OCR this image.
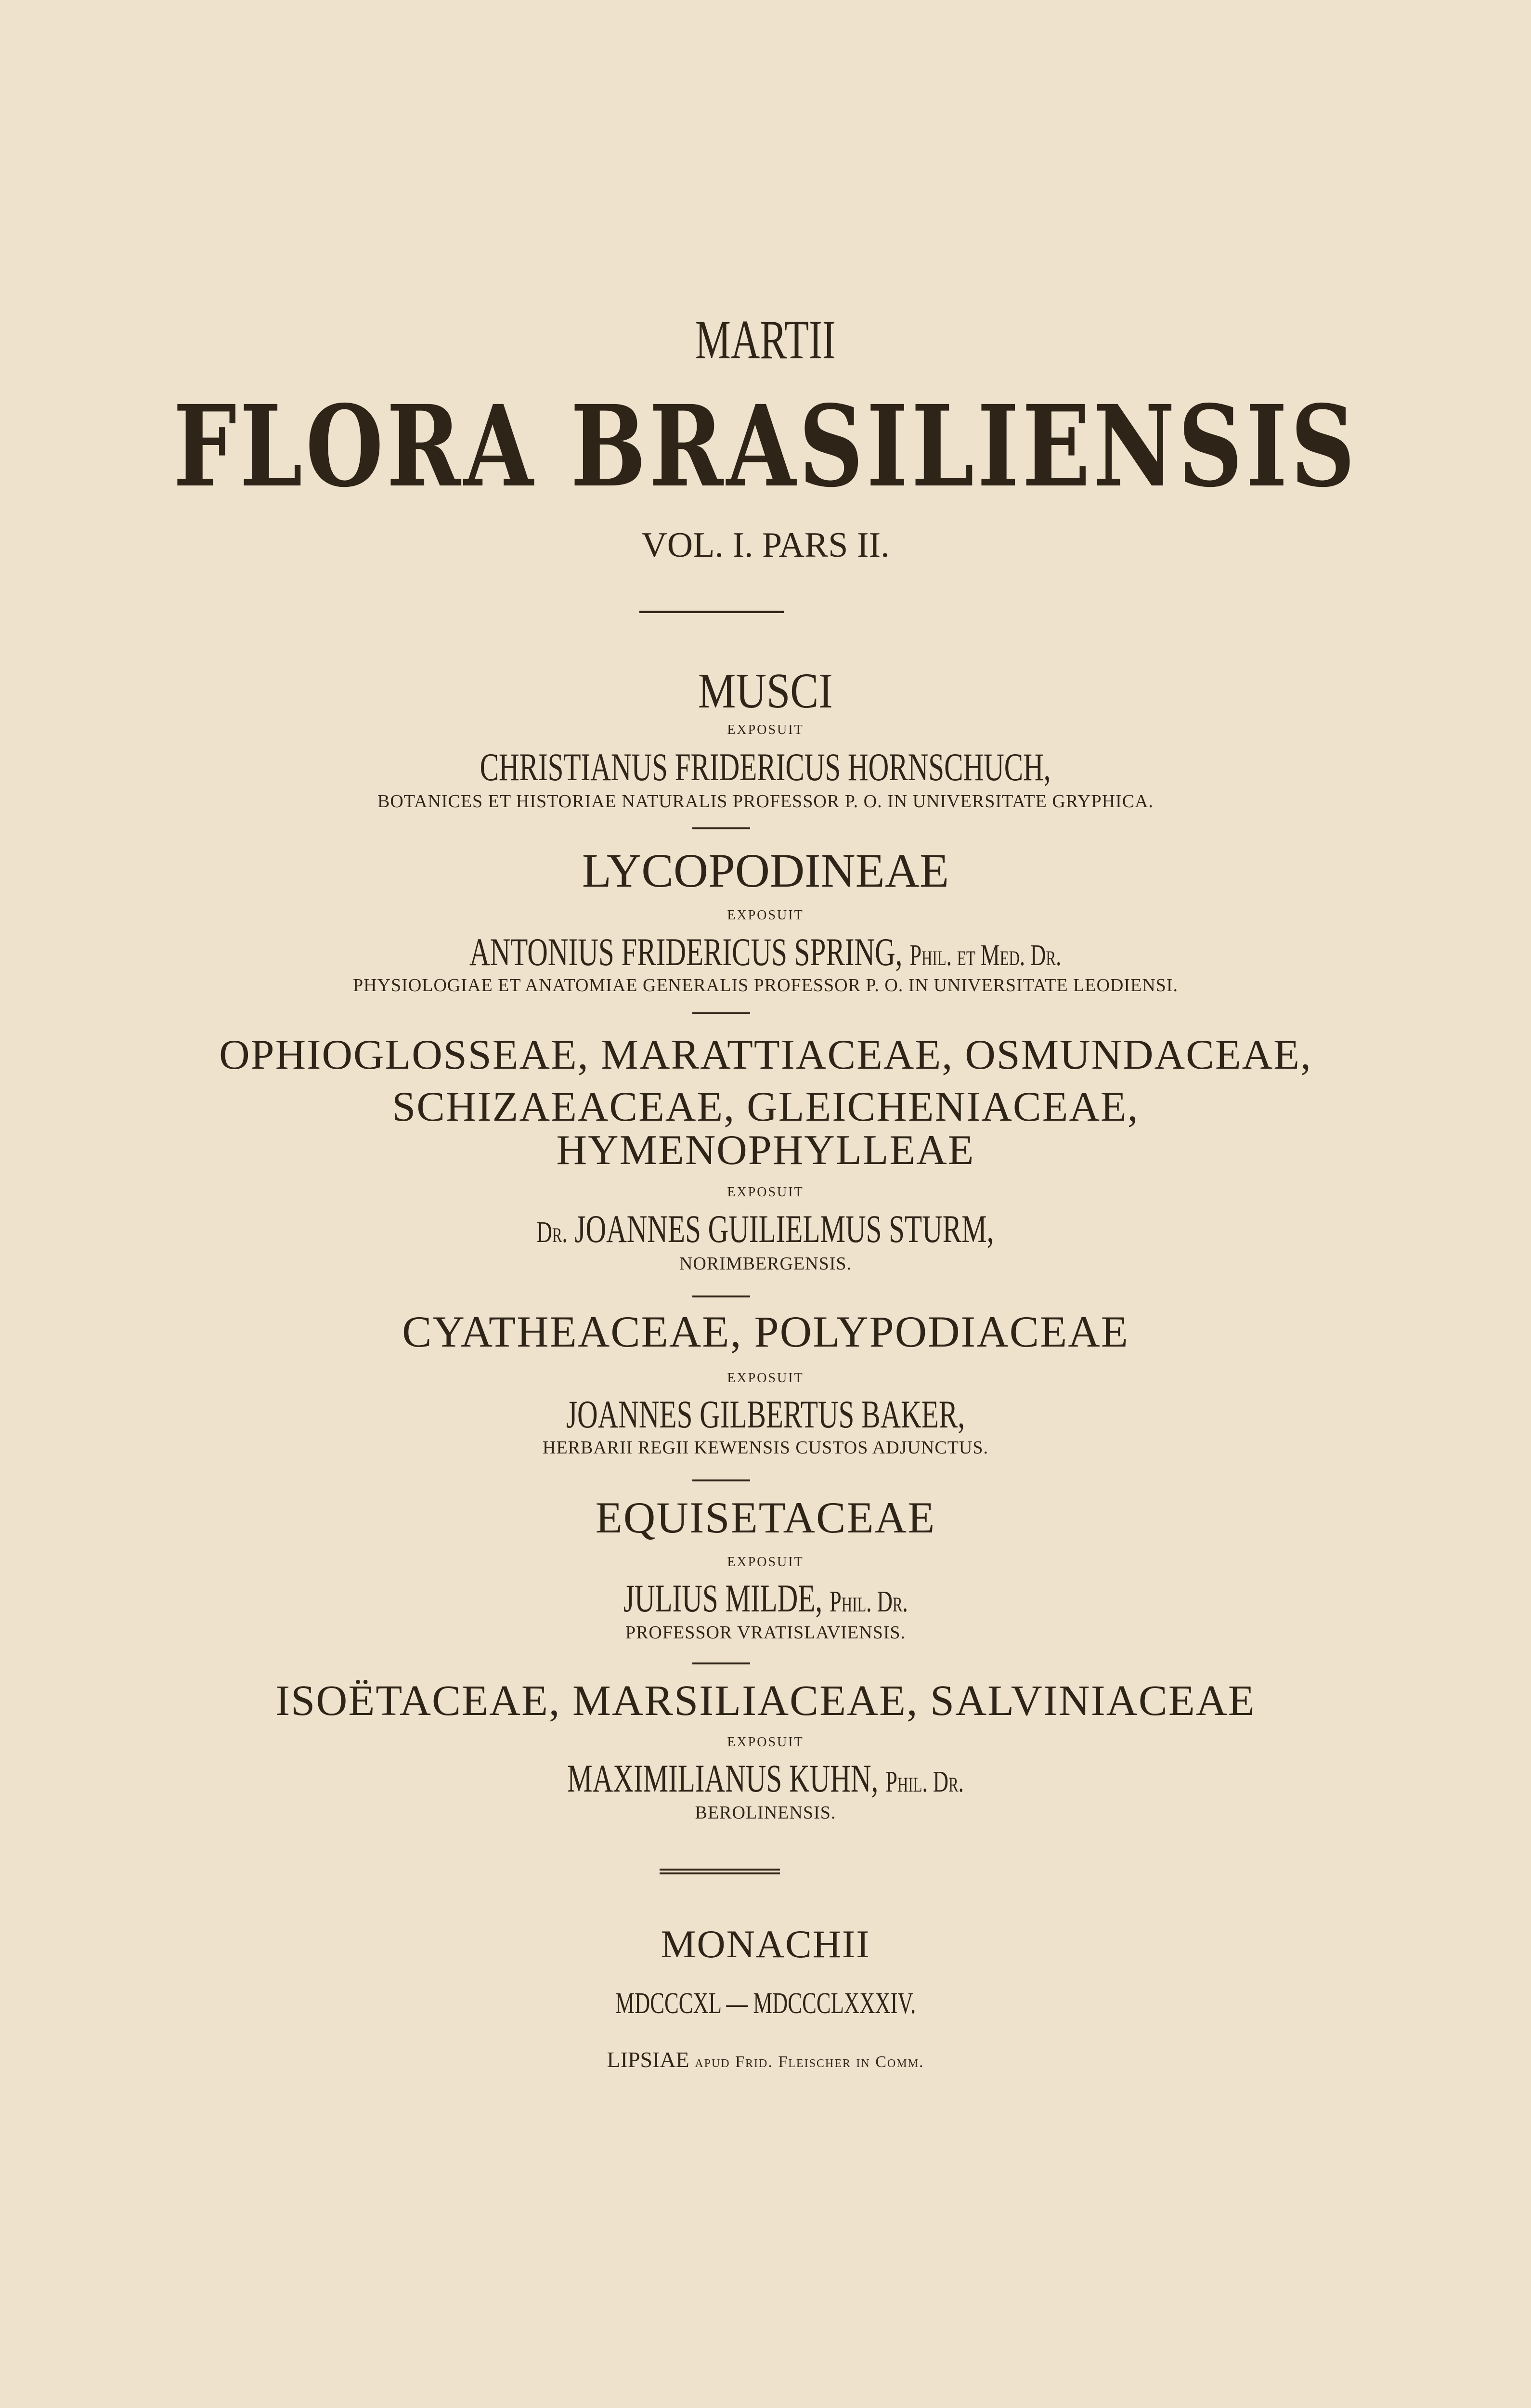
MARTII
FLORA BRASILIENSIS
VOL. I. PARS II.
MUSCI
EXPOSUIT
CHRISTIANUS FRIDERICUS HORNSCHUCH,
BOTANICES ET HISTORIAE NATURALIS PROFESSOR P. O. IN UNIVERSITATE GRYPHICA.
LYCOPODINEAE
EXPOSUIT
ANTONIUS FRIDERICUS SPRING, Phil. et Med. Dr.
PHYSIOLOGIAE ET ANATOMIAE GENERALIS PROFESSOR P. O. IN UNIVERSITATE LEODIENSI.
OPHIOGLOSSEAE, MARATTIACEAE, OSMUNDACEAE,
SCHIZAEACEAE, GLEICHENIACEAE,
HYMENOPHYLLEAE
EXPOSUIT
Dr. JOANNES GUILIELMUS STURM,
NORIMBERGENSIS.
CYATHEACEAE, POLYPODIACEAE
EXPOSUIT
JOANNES GILBERTUS BAKER,
HERBARII REGII KEWENSIS CUSTOS ADJUNCTUS.
EQUISETACEAE
EXPOSUIT
JULIUS MILDE, Phil. Dr.
PROFESSOR VRATISLAVIENSIS.
ISOËTACEAE, MARSILIACEAE, SALVINIACEAE
EXPOSUIT
MAXIMILIANUS KUHN, Phil. Dr.
BEROLINENSIS.
MONACHII
MDCCCXL — MDCCCLXXXIV.
LIPSIAE apud Frid. Fleischer in Comm.
